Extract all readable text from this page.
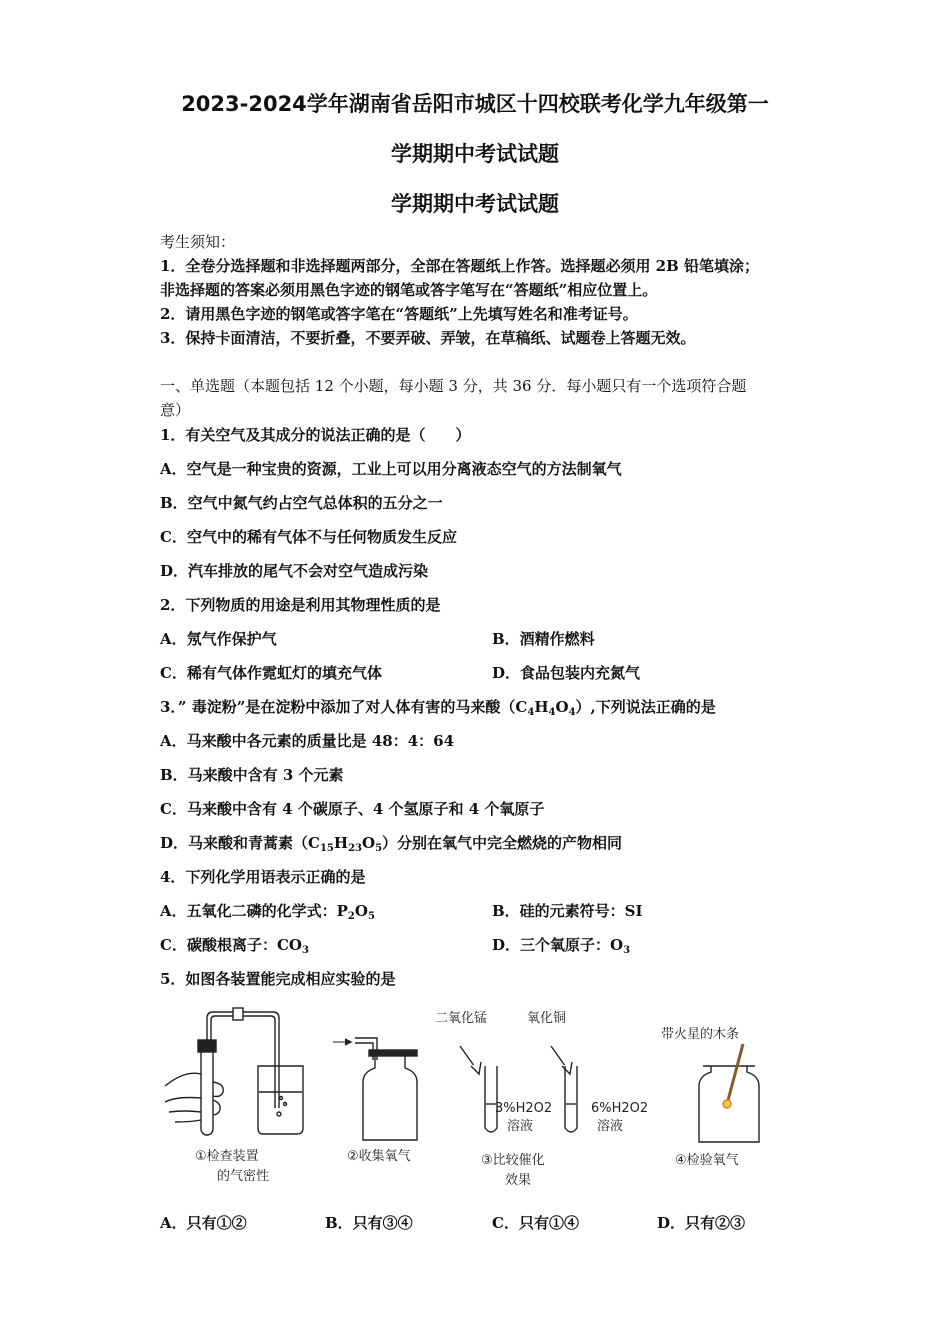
2023-2024学年湖南省岳阳市城区十四校联考化学九年级第一
学期期中考试试题
学期期中考试试题
考生须知：
1．全卷分选择题和非选择题两部分，全部在答题纸上作答。选择题必须用 2B 铅笔填涂；
非选择题的答案必须用黑色字迹的钢笔或答字笔写在“答题纸”相应位置上。
2．请用黑色字迹的钢笔或答字笔在“答题纸”上先填写姓名和准考证号。
3．保持卡面清洁，不要折叠，不要弄破、弄皱，在草稿纸、试题卷上答题无效。
一、单选题（本题包括 12 个小题，每小题 3 分，共 36 分．每小题只有一个选项符合题
意）
1．有关空气及其成分的说法正确的是（　　）
A．空气是一种宝贵的资源，工业上可以用分离液态空气的方法制氧气
B．空气中氮气约占空气总体积的五分之一
C．空气中的稀有气体不与任何物质发生反应
D．汽车排放的尾气不会对空气造成污染
2．下列物质的用途是利用其物理性质的是
A．氖气作保护气	B．酒精作燃料
C．稀有气体作霓虹灯的填充气体	D．食品包装内充氮气
3．” 毒淀粉”是在淀粉中添加了对人体有害的马来酸$(C_4H_4O_4)$,下列说法正确的是
A．马来酸中各元素的质量比是 48：4：64
B．马来酸中含有 3 个元素
C．马来酸中含有 4 个碳原子、4 个氢原子和 4 个氧原子
D．马来酸和青蒿素$(C_{15}H_{23}O_5)$分别在氧气中完全燃烧的产物相同
4．下列化学用语表示正确的是
A．五氧化二磷的化学式：$P_2O_5$	B．硅的元素符号：SI
C．碳酸根离子：$CO_3$	D．三个氧原子：$O_3$
5．如图各装置能完成相应实验的是
①检查装置
的气密性
②收集氧气
二氧化锰	氧化铜
3%H2O2
溶液
6%H2O2
溶液
③比较催化
效果
带火星的木条
④检验氧气
A．只有①②	B．只有③④	C．只有①④	D．只有②③
